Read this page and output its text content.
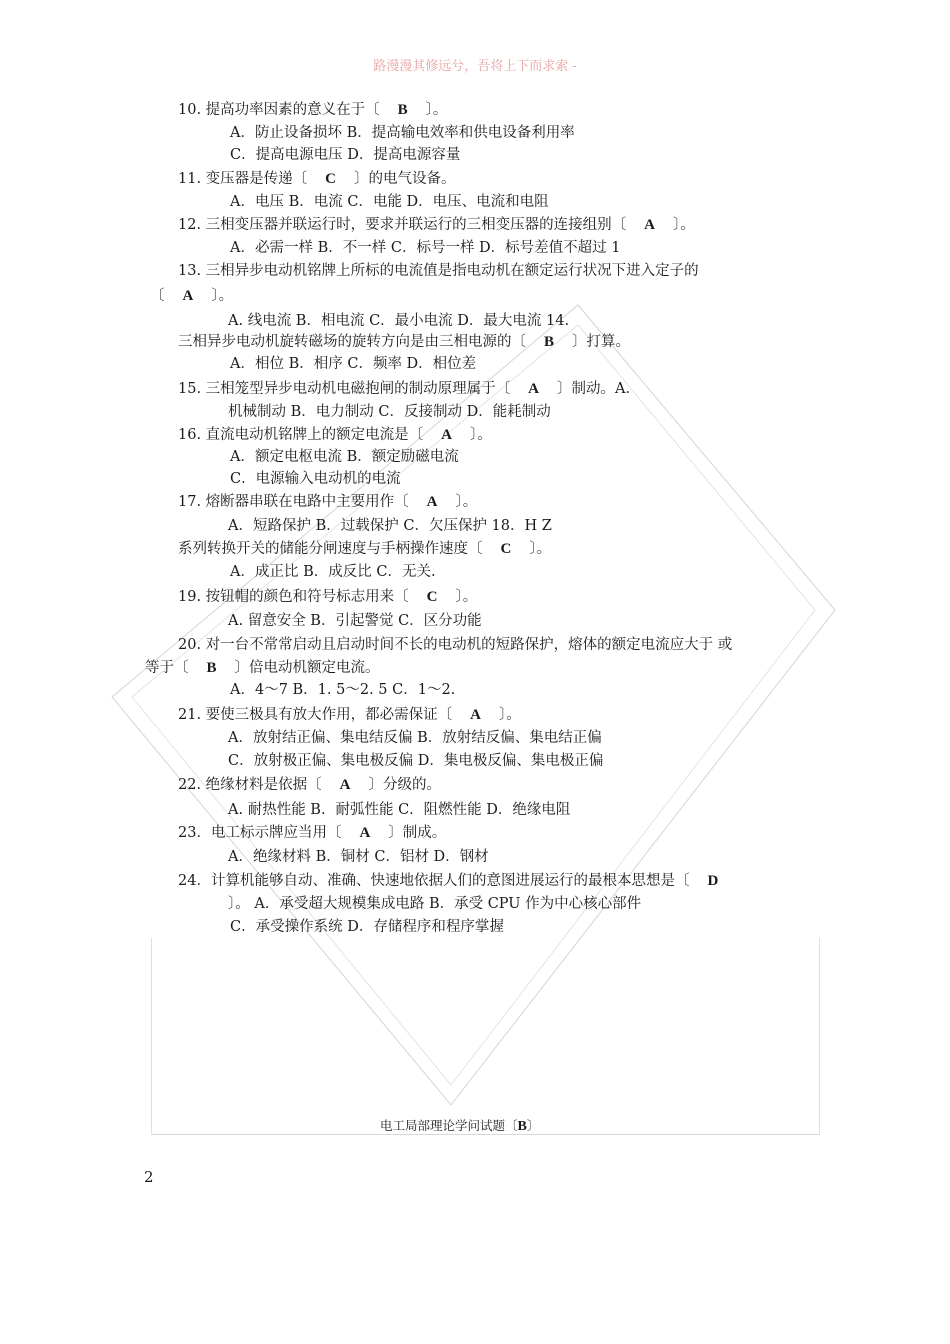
路漫漫其修远兮，吾将上下而求索 -
10. 提高功率因素的意义在于〔 B 〕。
A．防止设备损坏 B．提高输电效率和供电设备利用率
C．提高电源电压 D．提高电源容量
11. 变压器是传递〔 C 〕的电气设备。
A．电压 B．电流 C．电能 D．电压、电流和电阻
12. 三相变压器并联运行时，要求并联运行的三相变压器的连接组别〔 A 〕。
A．必需一样 B．不一样 C．标号一样 D．标号差值不超过 1
13. 三相异步电动机铭牌上所标的电流值是指电动机在额定运行状况下进入定子的
〔 A 〕。
A. 线电流 B．相电流 C．最小电流 D．最大电流 14.
三相异步电动机旋转磁场的旋转方向是由三相电源的〔 B 〕打算。
A．相位 B．相序 C．频率 D．相位差
15. 三相笼型异步电动机电磁抱闸的制动原理属于〔 A 〕制动。A．
机械制动 B．电力制动 C．反接制动 D．能耗制动
16. 直流电动机铭牌上的额定电流是〔 A 〕。
A．额定电枢电流 B．额定励磁电流
C．电源输入电动机的电流
17. 熔断器串联在电路中主要用作〔 A 〕。
A．短路保护 B．过载保护 C．欠压保护 18．H Z
系列转换开关的储能分闸速度与手柄操作速度〔 C 〕。
A．成正比 B．成反比 C．无关.
19. 按钮帽的颜色和符号标志用来〔 C 〕。
A. 留意安全 B．引起警觉 C．区分功能
20. 对一台不常常启动且启动时间不长的电动机的短路保护，熔体的额定电流应大于 或
等于〔 B 〕倍电动机额定电流。
A．4～7 B．1. 5～2. 5 C．1～2.
21. 要使三极具有放大作用，都必需保证〔 A 〕。
A．放射结正偏、集电结反偏 B．放射结反偏、集电结正偏
C．放射极正偏、集电极反偏 D．集电极反偏、集电极正偏
22. 绝缘材料是依据〔 A 〕分级的。
A. 耐热性能 B．耐弧性能 C．阻燃性能 D．绝缘电阻
23．电工标示牌应当用〔 A 〕制成。
A．绝缘材料 B．铜材 C．铝材 D．钢材
24．计算机能够自动、准确、快速地依据人们的意图进展运行的最根本思想是〔 D
〕。 A．承受超大规模集成电路 B．承受 CPU 作为中心核心部件
C．承受操作系统 D．存储程序和程序掌握
电工局部理论学问试题〔B〕
2
